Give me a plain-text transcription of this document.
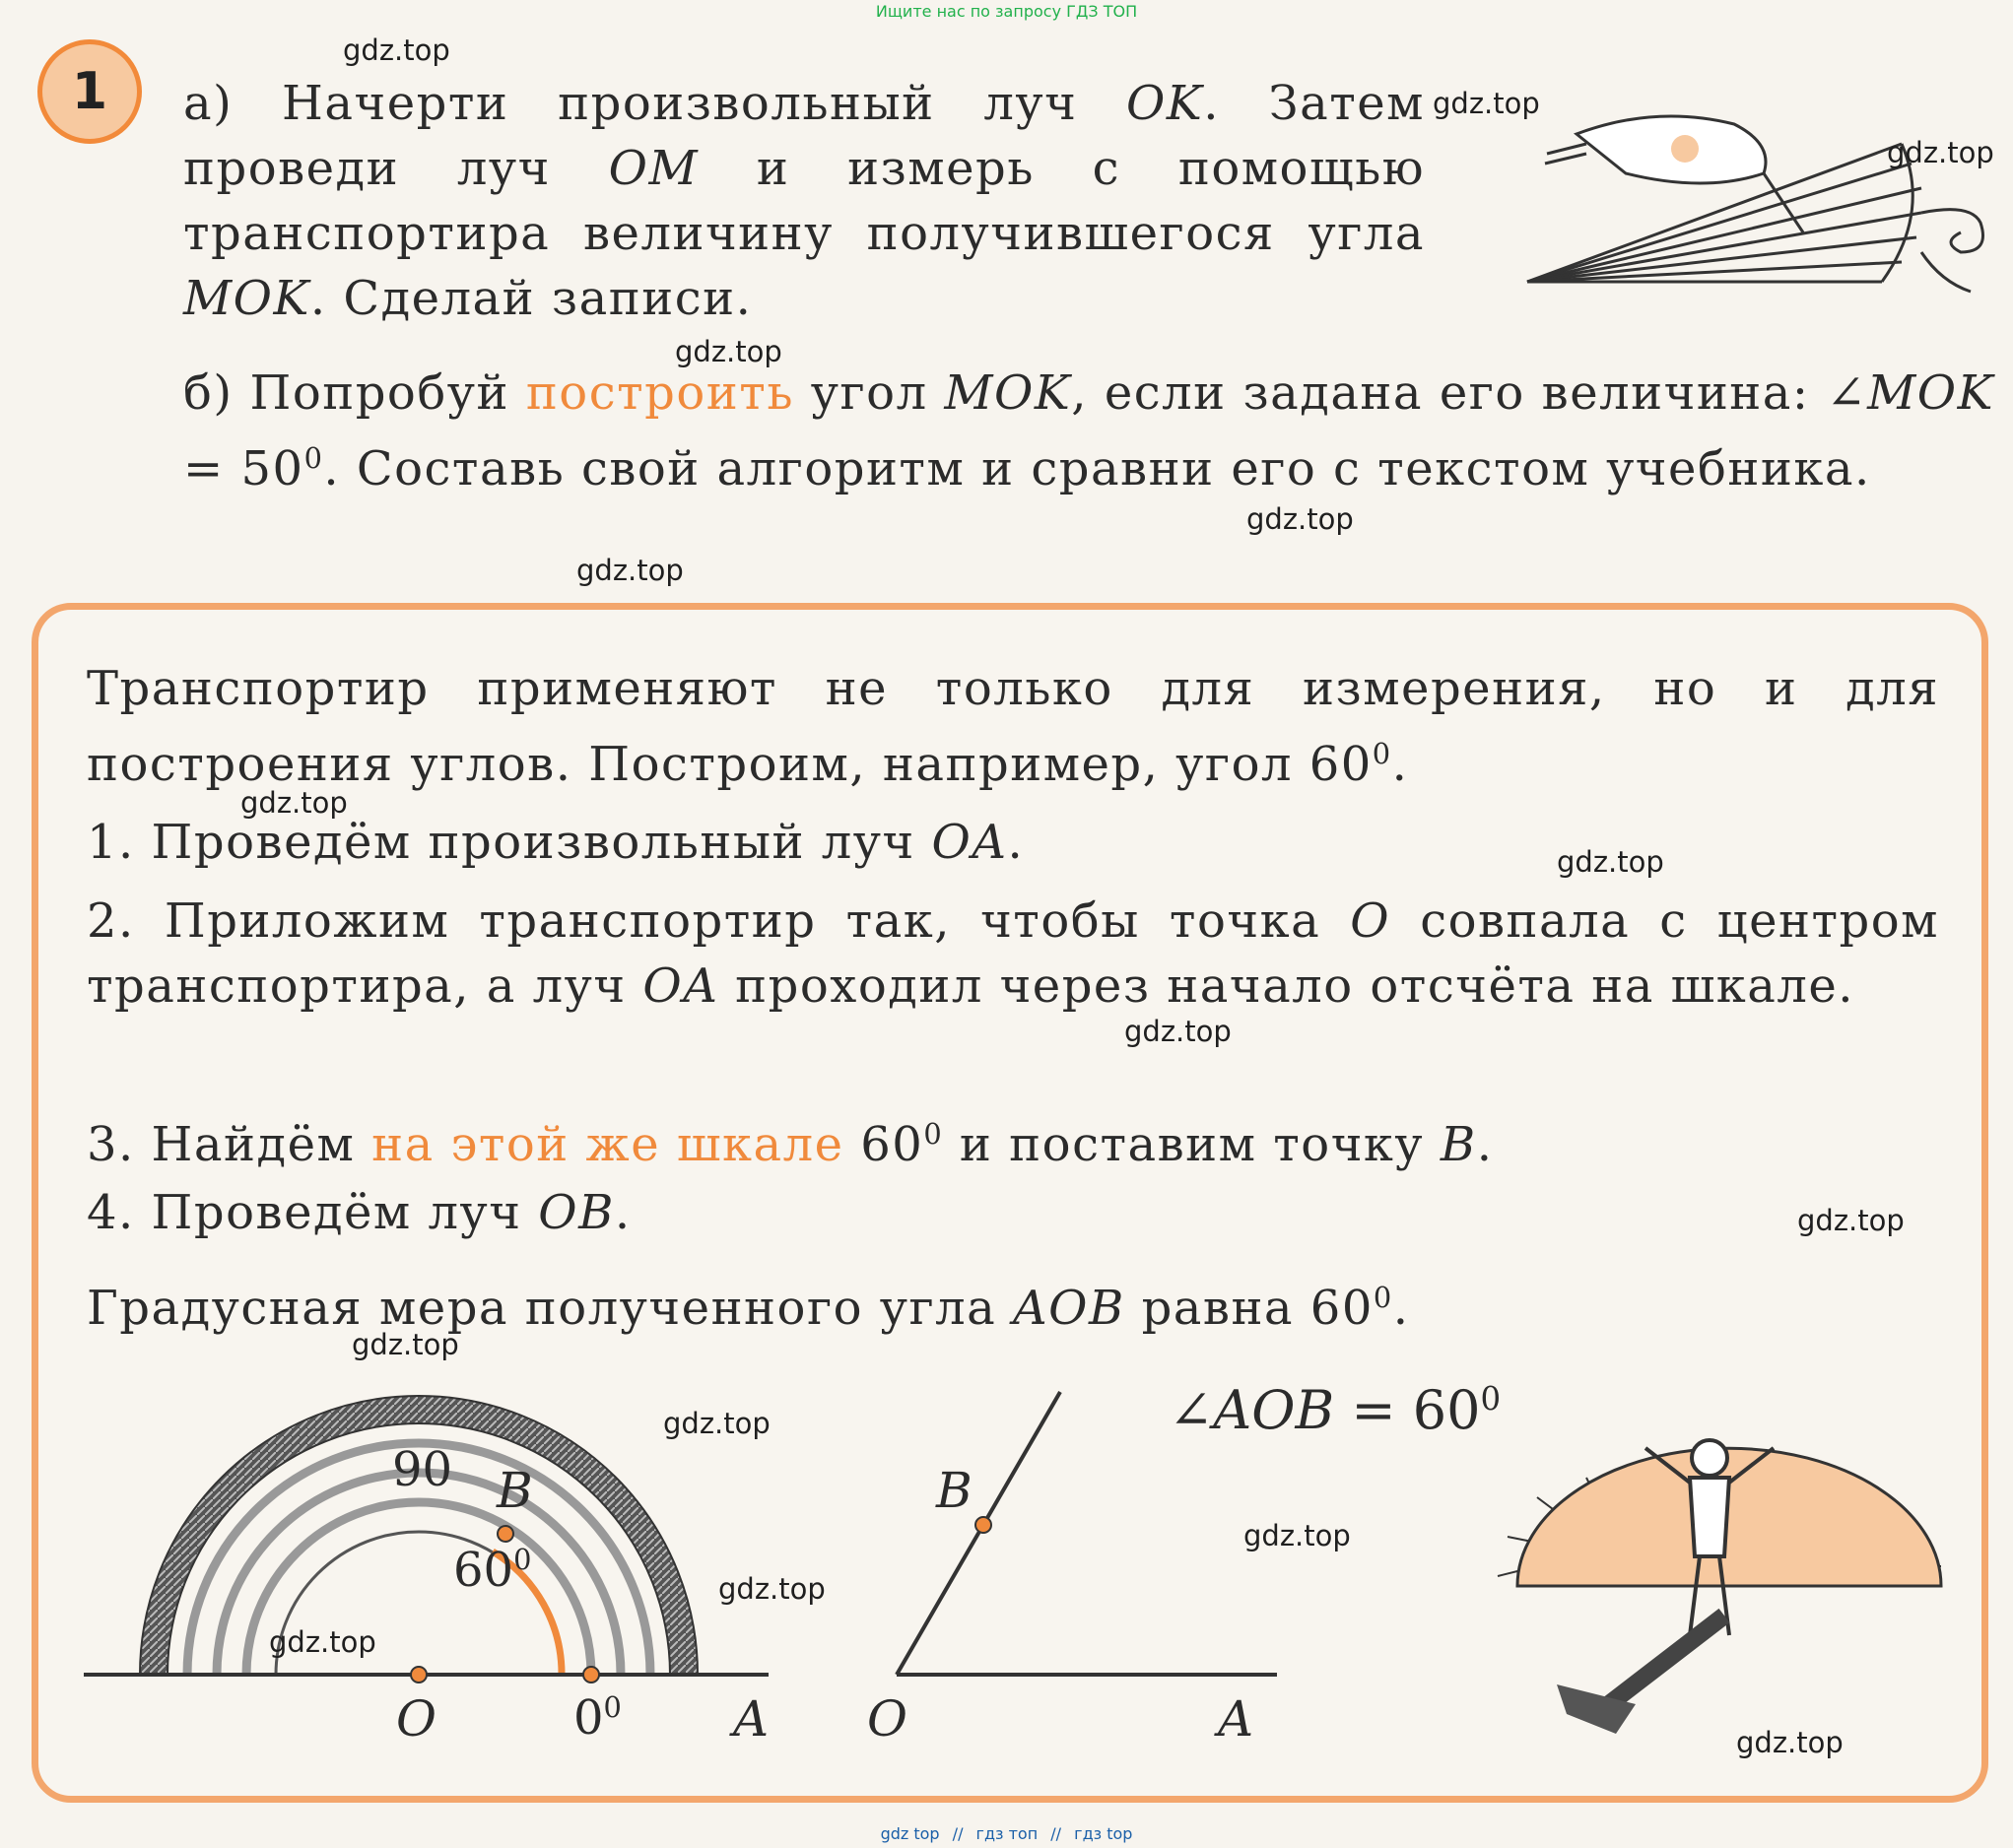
Ищите нас по запросу ГДЗ ТОП
1	а) Начерти произвольный луч OK. Затем проведи луч OM и измерь с помощью транспортира величину получившегося угла MOK. Сделай записи.

б) Попробуй построить угол MOK, если задана его величина: ∠MOK = $50^0$. Составь свой алгоритм и сравни его с текстом учебника.

Транспортир применяют не только для измерения, но и для построения углов. Построим, например, угол $60^0$.

1. Проведём произвольный луч OA.

2. Приложим транспортир так, чтобы точка O совпала с центром транспортира, а луч OA проходил через начало отсчёта на шкале.

3. Найдём на этой же шкале $60^0$ и поставим точку B.

4. Проведём луч OB.

Градусная мера полученного угла AOB равна $60^0$.

90 B
$60^0$
O	$0^0$ A
B
O	A
∠AOB = $60^0$
gdz.top
gdz.top
gdz.top
gdz.top
gdz.top
gdz.top
gdz.top
gdz.top
gdz.top
gdz.top
gdz.top
gdz.top
gdz.top
gdz.top
gdz.top
gdz.top
gdz top // гдз топ // гдз top
